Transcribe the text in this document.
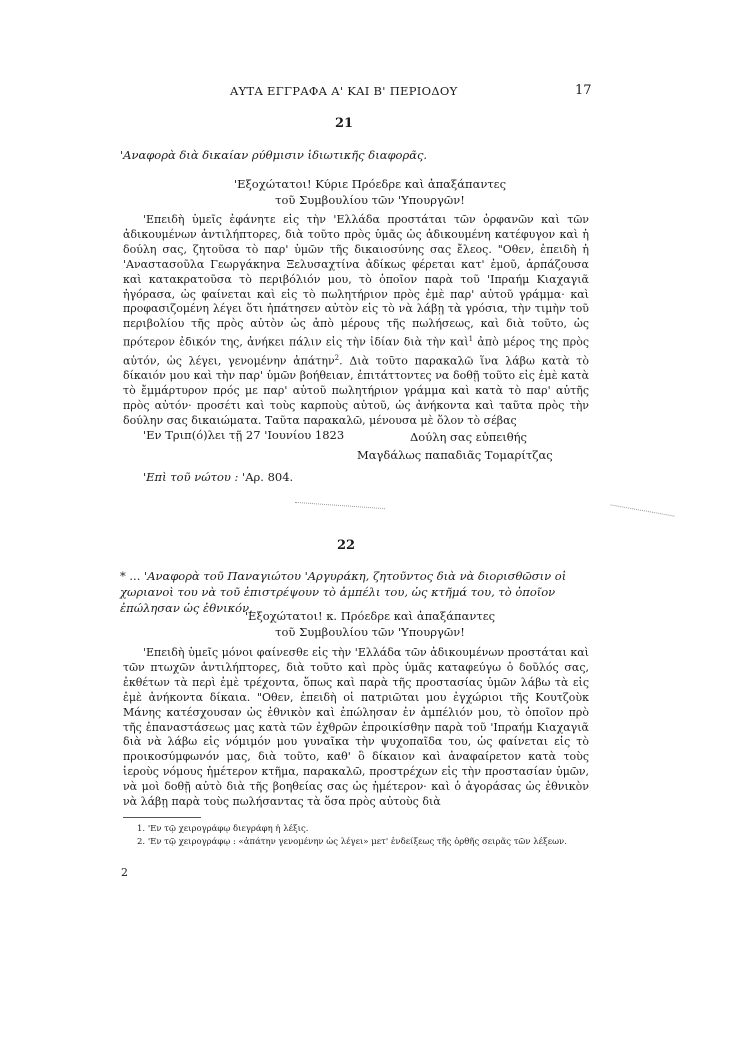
ΑΥΤΑ ΕΓΓΡΑΦΑ Α' ΚΑΙ Β' ΠΕΡΙΟΔΟΥ	17
21
'Αναφορὰ διὰ δικαίαν ρύθμισιν ἰδιωτικῆς διαφορᾶς.
'Εξοχώτατοι! Κύριε Πρόεδρε καὶ ἀπαξάπαντες
τοῦ Συμβουλίου τῶν 'Υπουργῶν!

'Επειδὴ ὑμεῖς ἐφάνητε εἰς τὴν 'Ελλάδα προστάται τῶν ὀρφανῶν καὶ τῶν ἀδικουμένων ἀντιλήπτορες, διὰ τοῦτο πρὸς ὑμᾶς ὡς ἀδικουμένη κατέφυγον καὶ ἡ δούλη σας, ζητοῦσα τὸ παρ' ὑμῶν τῆς δικαιοσύνης σας ἔλεος. "Οθεν, ἐπειδὴ ἡ 'Αναστασοῦλα Γεωργάκηνα Ξελυσαχτίνα ἀδίκως φέρεται κατ' ἐμοῦ, ἁρπάζουσα καὶ κατακρατοῦσα τὸ περιβόλιόν μου, τὸ ὁποῖον παρὰ τοῦ 'Ιπραήμ Κιαχαγιᾶ ἠγόρασα, ὡς φαίνεται καὶ εἰς τὸ πωλητήριον πρὸς ἐμὲ παρ' αὐτοῦ γράμμα· καὶ προφασιζομένη λέγει ὅτι ἠπάτησεν αὐτὸν εἰς τὸ νὰ λάβῃ τὰ γρόσια, τὴν τιμὴν τοῦ περιβολίου τῆς πρὸς αὐτὸν ὡς ἀπὸ μέρους τῆς πωλήσεως, καὶ διὰ τοῦτο, ὡς πρότερον ἐδικόν της, ἀνήκει πάλιν εἰς τὴν ἰδίαν διὰ τὴν καὶ$^1$ ἀπὸ μέρος της πρὸς αὐτόν, ὡς λέγει, γενομένην ἀπάτην$^2$. Διὰ τοῦτο παρακαλῶ ἵνα λάβω κατὰ τὸ δίκαιόν μου καὶ τὴν παρ' ὑμῶν βοήθειαν, ἐπιτάττοντες να δοθῇ τοῦτο εἰς ἐμὲ κατὰ τὸ ἔμμάρτυρον πρός με παρ' αὐτοῦ πωλητήριον γράμμα καὶ κατὰ τὸ παρ' αὐτῆς πρὸς αὐτόν· προσέτι καὶ τοὺς καρποὺς αὐτοῦ, ὡς ἀνήκοντα καὶ ταῦτα πρὸς τὴν δούλην σας δικαιώματα. Ταῦτα παρακαλῶ, μένουσα μὲ ὅλον τὸ σέβας

'Εν Τριπ(ό)λει τῇ 27 'Ιουνίου 1823	Δούλη σας εὐπειθής
Μαγδάλως παπαδιᾶς Τομαρίτζας
'Επὶ τοῦ νώτου : 'Αρ. 804.
22
* ... 'Αναφορὰ τοῦ Παναγιώτου 'Αργυράκη, ζητοῦντος διὰ νὰ διορισθῶσιν οἱ χωριανοὶ του νὰ τοῦ ἐπιστρέψουν τὸ ἀμπέλι του, ὡς κτῆμά του, τὸ ὁποῖον ἐπώλησαν ὡς ἐθνικόν.
'Εξοχώτατοι! κ. Πρόεδρε καὶ ἀπαξάπαντες
τοῦ Συμβουλίου τῶν 'Υπουργῶν!

'Επειδὴ ὑμεῖς μόνοι φαίνεσθε εἰς τὴν 'Ελλάδα τῶν ἀδικουμένων προστάται καὶ τῶν πτωχῶν ἀντιλήπτορες, διὰ τοῦτο καὶ πρὸς ὑμᾶς καταφεύγω ὁ δοῦλός σας, ἐκθέτων τὰ περὶ ἐμὲ τρέχοντα, ὅπως καὶ παρὰ τῆς προστασίας ὑμῶν λάβω τὰ εἰς ἐμὲ ἀνήκοντα δίκαια. "Οθεν, ἐπειδὴ οἱ πατριῶται μου ἐγχώριοι τῆς Κουτζοὺκ Μάνης κατέσχουσαν ὡς ἐθνικὸν καὶ ἐπώλησαν ἐν ἀμπέλιόν μου, τὸ ὁποῖον πρὸ τῆς ἐπαναστάσεως μας κατὰ τῶν ἐχθρῶν ἐπροικίσθην παρὰ τοῦ 'Ιπραήμ Κιαχαγιᾶ διὰ νὰ λάβω εἰς νόμιμόν μου γυναῖκα τὴν ψυχοπαῖδα του, ὡς φαίνεται εἰς τὸ προικοσύμφωνόν μας, διὰ τοῦτο, καθ' ὃ δίκαιον καὶ ἀναφαίρετον κατὰ τοὺς ἱεροὺς νόμους ἡμέτερον κτῆμα, παρακαλῶ, προστρέχων εἰς τὴν προστασίαν ὑμῶν, νὰ μοὶ δοθῇ αὐτὸ διὰ τῆς βοηθείας σας ὡς ἡμέτερον· καὶ ὁ ἀγοράσας ὡς ἐθνικὸν νὰ λάβῃ παρὰ τοὺς πωλήσαντας τὰ ὅσα πρὸς αὐτοὺς διὰ

1. 'Εν τῷ χειρογράφῳ διεγράφη ἡ λέξις.
2. 'Εν τῷ χειρογράφῳ : «ἀπάτην γενομένην ὡς λέγει» μετ' ἐνδείξεως τῆς ὀρθῆς σειρᾶς τῶν λέξεων.
2
